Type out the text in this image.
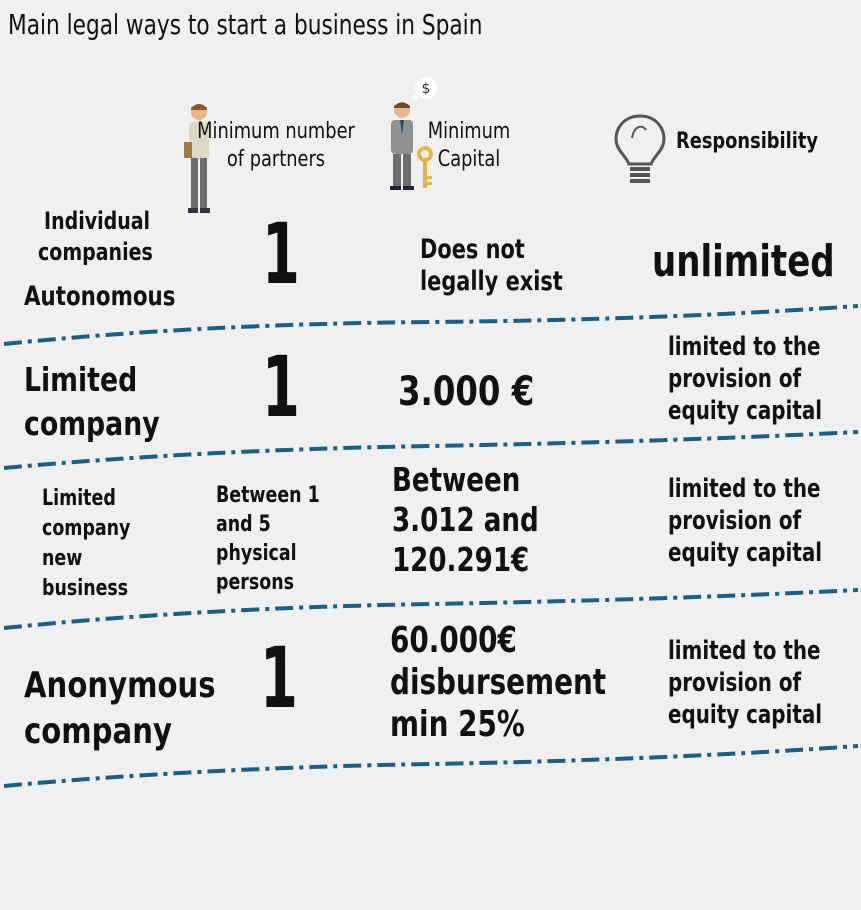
Main legal ways to start a business in Spain
Minimum number of partners
$
Minimum Capital
Responsibility
Individual
companies
Autonomous 1	Does not
legally exist unlimited
Limited
company 1 3.000 €
limited to the
provision of
equity capital
Limited
company
new
business
Between 1
and 5
physical
persons
Between
3.012 and
120.291€
limited to the
provision of
equity capital
Anonymous
company
1	60.000€
disbursement
min 25%
limited to the
provision of
equity capital
